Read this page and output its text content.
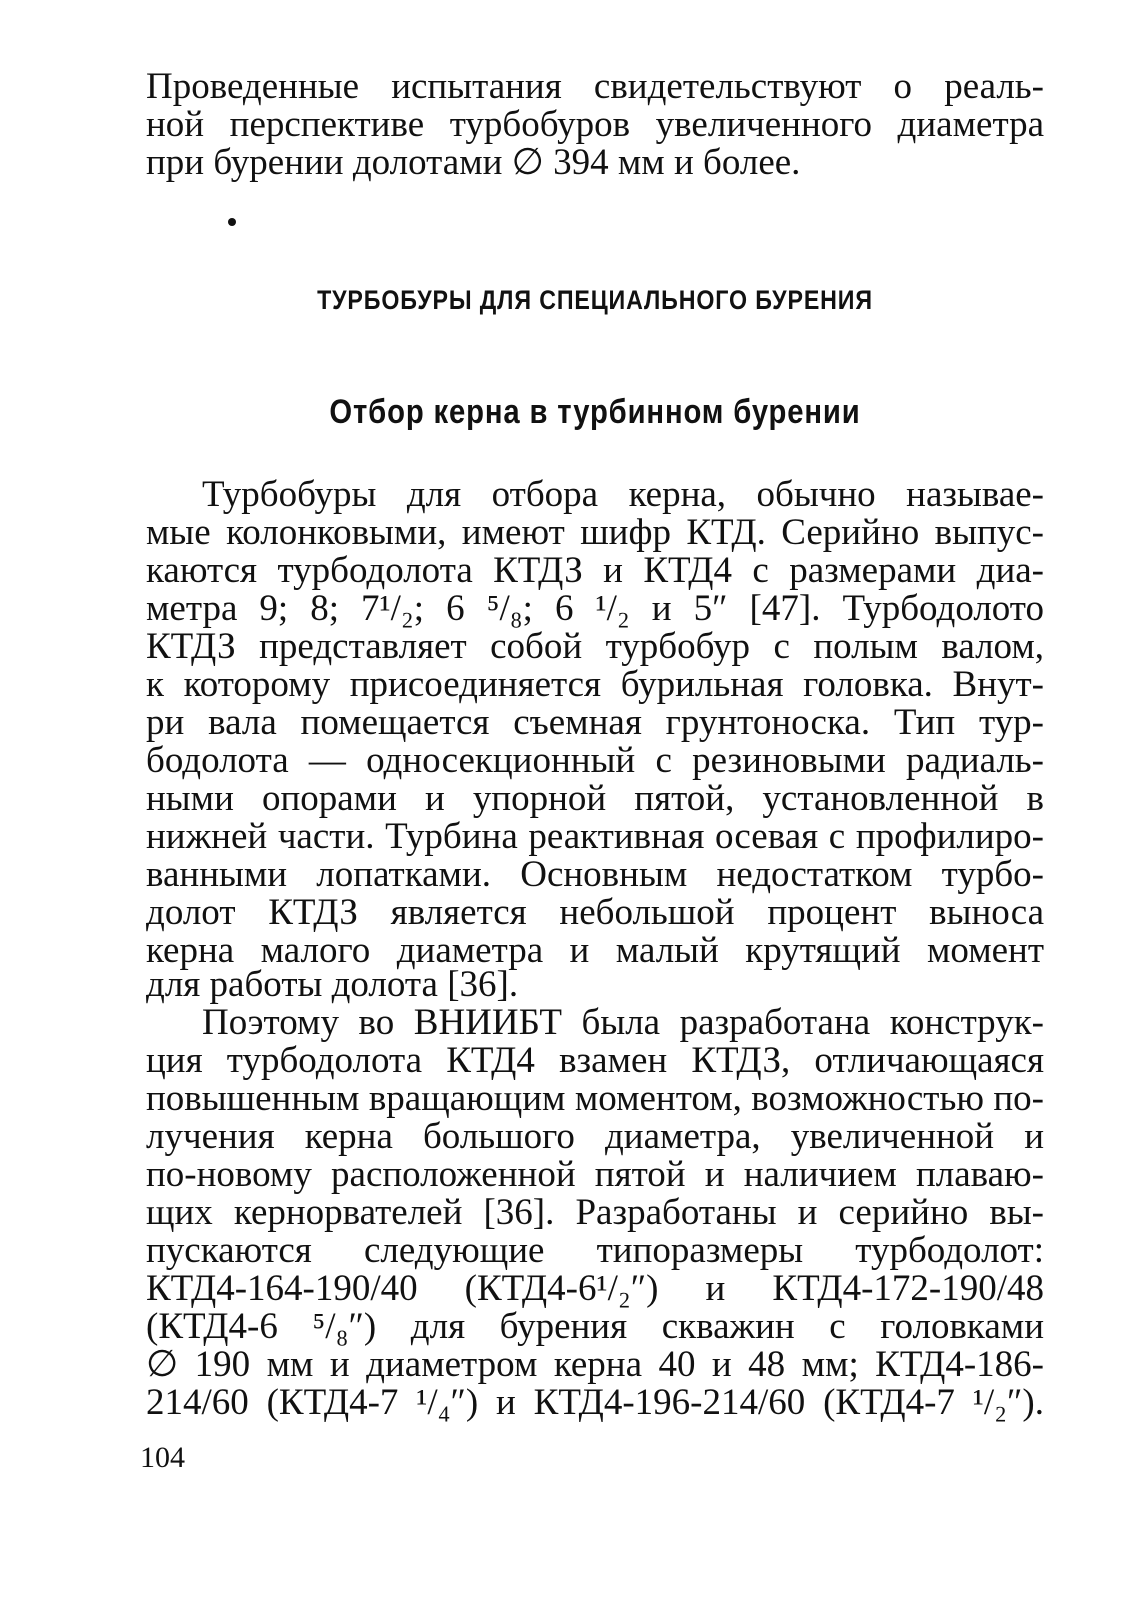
Проведенные испытания свидетельствуют о реаль-
ной перспективе турбобуров увеличенного диаметра
при бурении долотами ∅ 394 мм и более.
ТУРБОБУРЫ ДЛЯ СПЕЦИАЛЬНОГО БУРЕНИЯ
Отбор керна в турбинном бурении
Турбобуры для отбора керна, обычно называе-
мые колонковыми, имеют шифр КТД. Серийно выпус-
каются турбодолота КТДЗ и КТД4 с размерами диа-
метра 9; 8; 7¹/₂; 6 ⁵/₈; 6 ¹/₂ и 5″ [47]. Турбодолото
КТДЗ представляет собой турбобур с полым валом,
к которому присоединяется бурильная головка. Внут-
ри вала помещается съемная грунтоноска. Тип тур-
бодолота — односекционный с резиновыми радиаль-
ными опорами и упорной пятой, установленной в
нижней части. Турбина реактивная осевая с профилиро-
ванными лопатками. Основным недостатком турбо-
долот КТДЗ является небольшой процент выноса
керна малого диаметра и малый крутящий момент
для работы долота [36].
Поэтому во ВНИИБТ была разработана конструк-
ция турбодолота КТД4 взамен КТДЗ, отличающаяся
повышенным вращающим моментом, возможностью по-
лучения керна большого диаметра, увеличенной и
по-новому расположенной пятой и наличием плаваю-
щих кернорвателей [36]. Разработаны и серийно вы-
пускаются следующие типоразмеры турбодолот:
КТД4-164-190/40 (КТД4-6¹/₂″) и КТД4-172-190/48
(КТД4-6 ⁵/₈″) для бурения скважин с головками
∅ 190 мм и диаметром керна 40 и 48 мм; КТД4-186-
214/60 (КТД4-7 ¹/₄″) и КТД4-196-214/60 (КТД4-7 ¹/₂″).
104
